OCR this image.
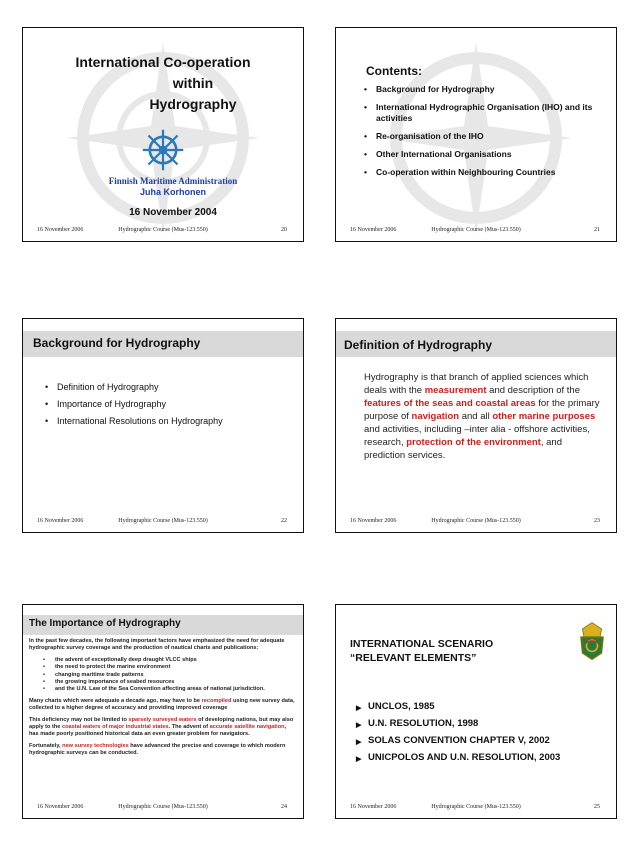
International Co-operation
within
Hydrography
Finnish Maritime Administration
Juha Korhonen
16 November 2004
16 November 2006	Hydrographic Course (Mus-123.550)	20
Contents:
• Background for Hydrography
• International Hydrographic Organisation (IHO) and its activities
• Re-organisation of the IHO
• Other International Organisations
• Co-operation within Neighbouring Countries
16 November 2006	Hydrographic Course (Mus-123.550)	21
Background for Hydrography
• Definition of Hydrography
• Importance of Hydrography
• International Resolutions on Hydrography
16 November 2006	Hydrographic Course (Mus-123.550)	22
Definition of Hydrography
Hydrography is that branch of applied sciences which deals with the measurement and description of the features of the seas and coastal areas for the primary purpose of navigation and all other marine purposes and activities, including –inter alia - offshore activities, research, protection of the environment, and prediction services.
16 November 2006	Hydrographic Course (Mus-123.550)	23
The Importance of Hydrography
In the past few decades, the following important factors have emphasized the need for adequate hydrographic survey coverage and the production of nautical charts and publications:
• the advent of exceptionally deep draught VLCC ships
• the need to protect the marine environment
• changing maritime trade patterns
• the growing importance of seabed resources
• and the U.N. Law of the Sea Convention affecting areas of national jurisdiction.
Many charts which were adequate a decade ago, may have to be recompiled using new survey data, collected to a higher degree of accuracy and providing improved coverage
This deficiency may not be limited to sparsely surveyed waters of developing nations, but may also apply to the coastal waters of major industrial states. The advent of accurate satellite navigation, has made poorly positioned historical data an even greater problem for navigators.
Fortunately, new survey technologies have advanced the precise and coverage to which modern hydrographic surveys can be conducted.
16 November 2006	Hydrographic Course (Mus-123.550)	24
INTERNATIONAL SCENARIO
“RELEVANT ELEMENTS”
▶ UNCLOS, 1985
▶ U.N. RESOLUTION, 1998
▶ SOLAS CONVENTION CHAPTER V, 2002
▶ UNICPOLOS AND U.N. RESOLUTION, 2003
16 November 2006	Hydrographic Course (Mus-123.550)	25
